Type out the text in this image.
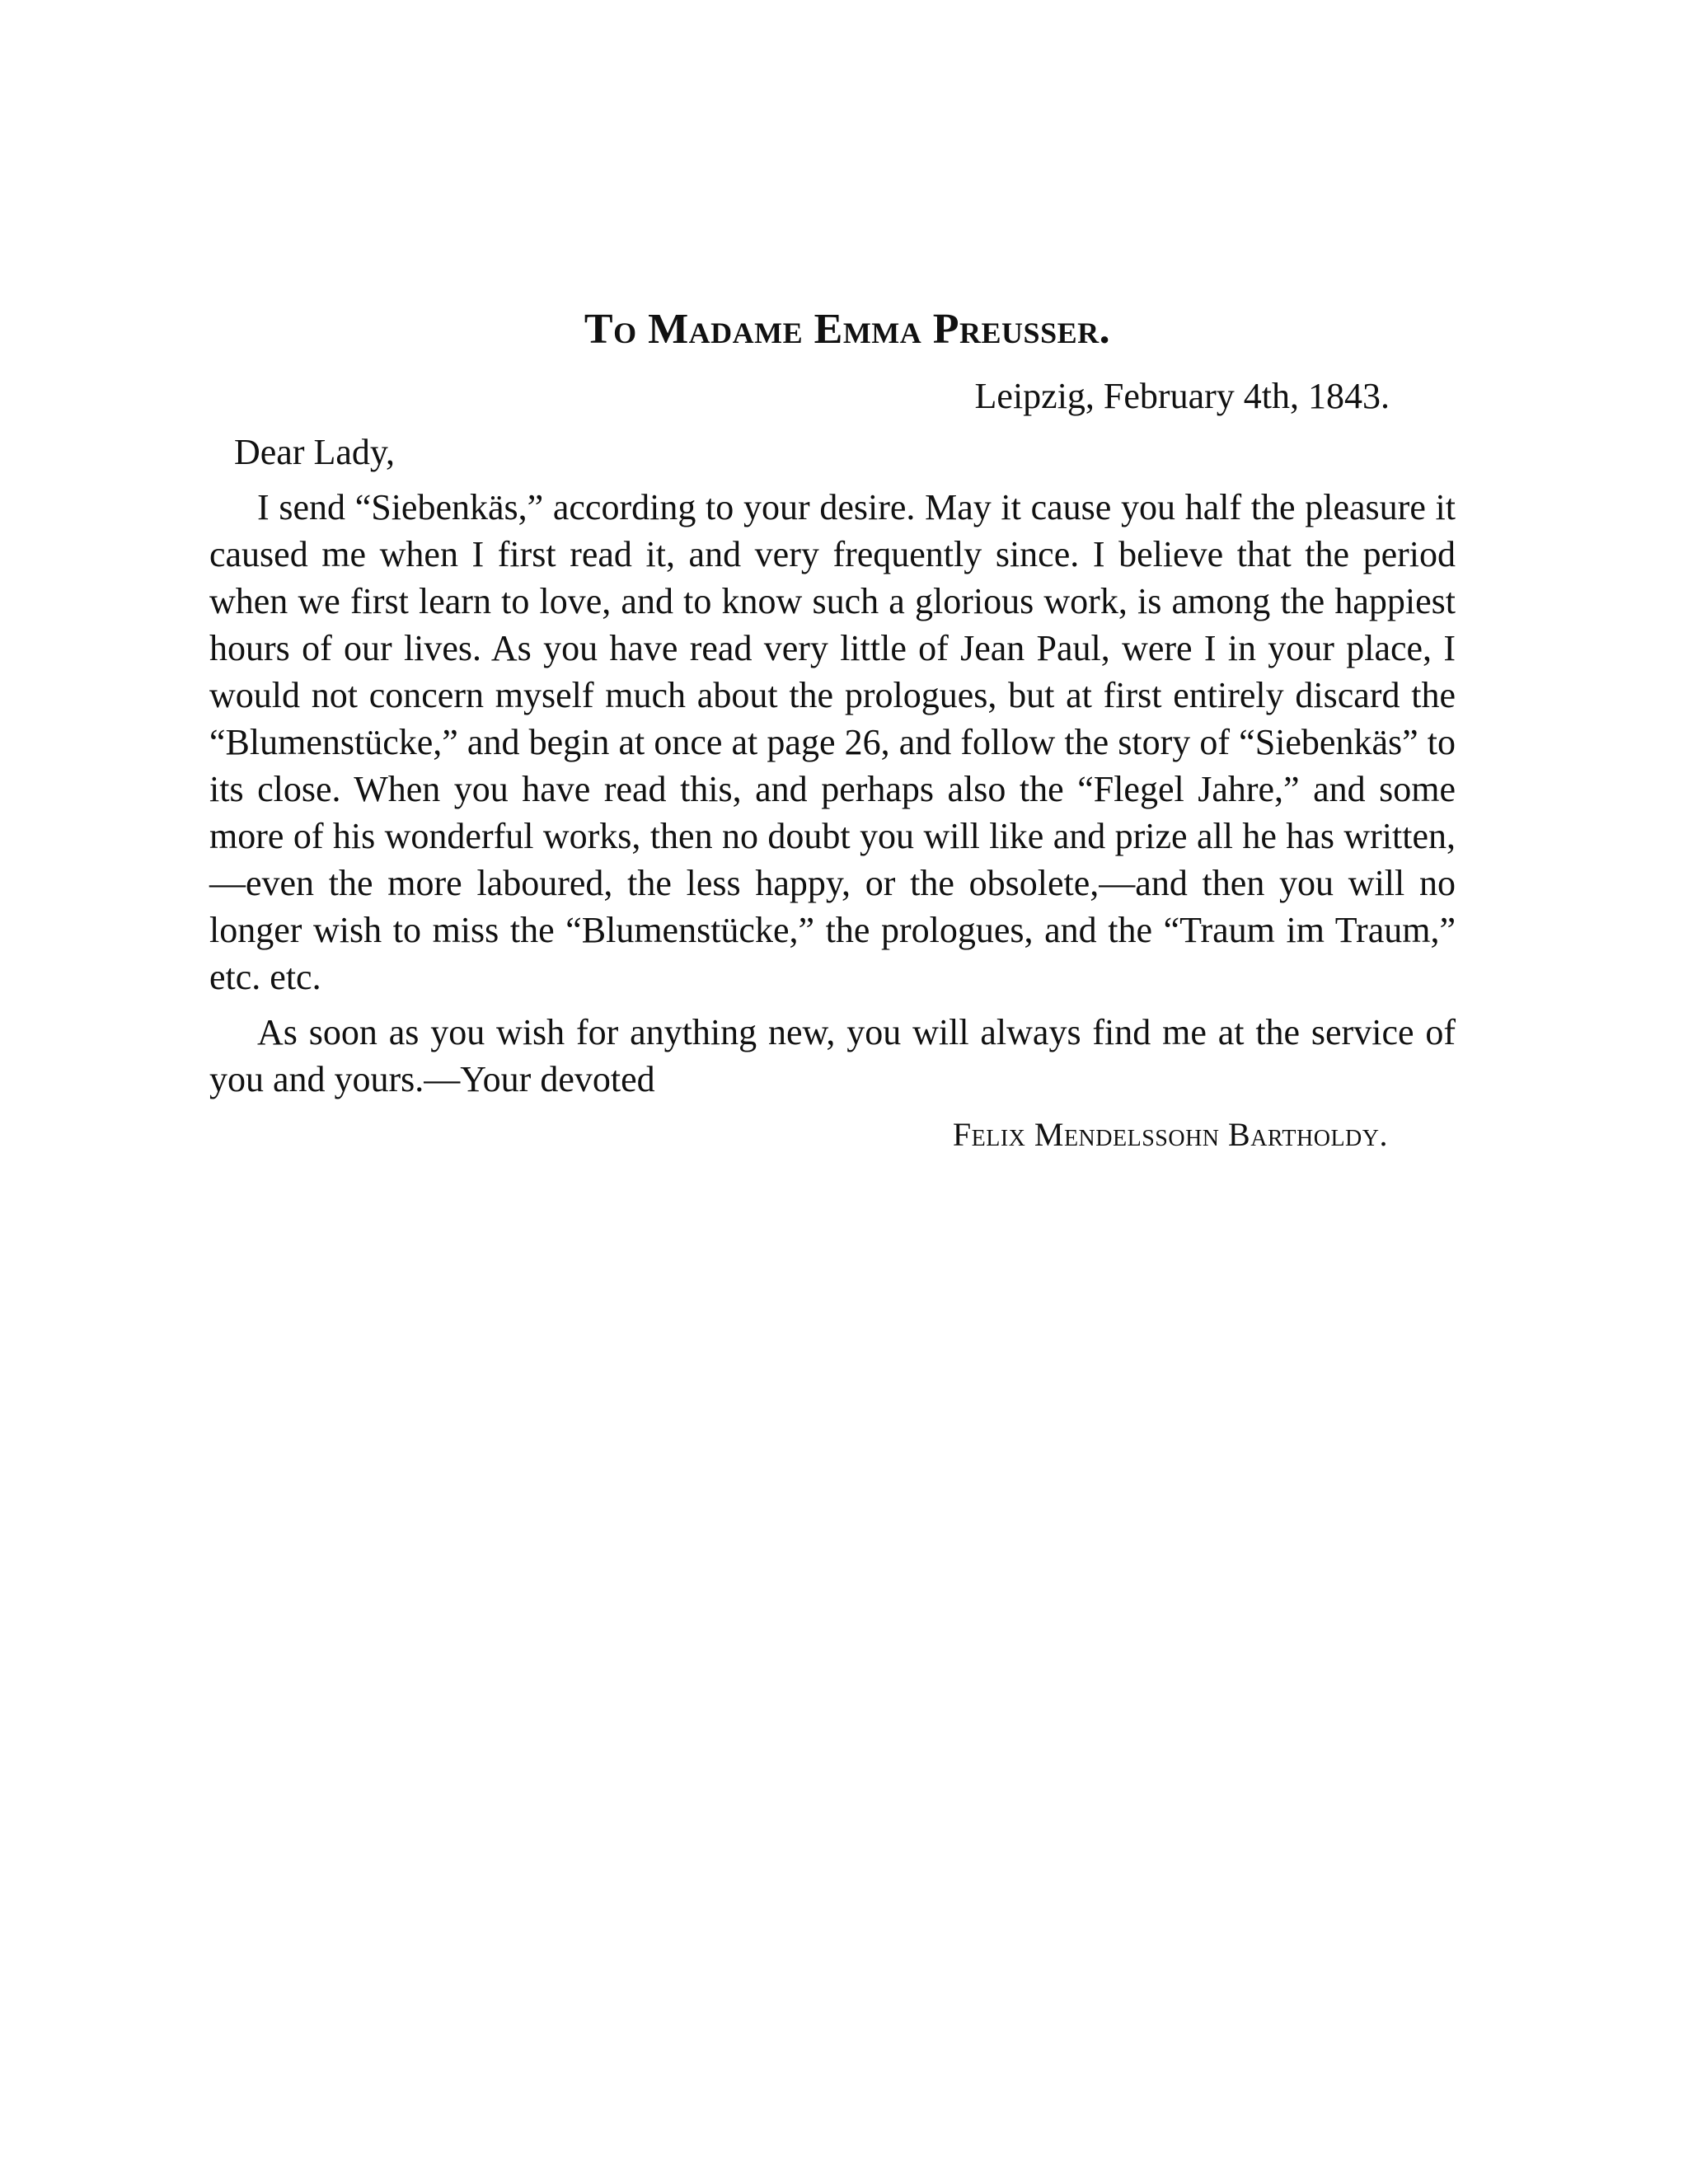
To Madame Emma Preusser.
Leipzig, February 4th, 1843.
Dear Lady,

I send “Siebenkäs,” according to your desire. May it cause you half the pleasure it caused me when I first read it, and very frequently since. I believe that the period when we first learn to love, and to know such a glorious work, is among the happiest hours of our lives. As you have read very little of Jean Paul, were I in your place, I would not concern myself much about the prologues, but at first entirely discard the “Blumenstücke,” and begin at once at page 26, and follow the story of “Siebenkäs” to its close. When you have read this, and perhaps also the “Flegel Jahre,” and some more of his wonderful works, then no doubt you will like and prize all he has written,—even the more laboured, the less happy, or the obsolete,—and then you will no longer wish to miss the “Blumenstücke,” the prologues, and the “Traum im Traum,” etc. etc.

As soon as you wish for anything new, you will always find me at the service of you and yours.—Your devoted

Felix Mendelssohn Bartholdy.
